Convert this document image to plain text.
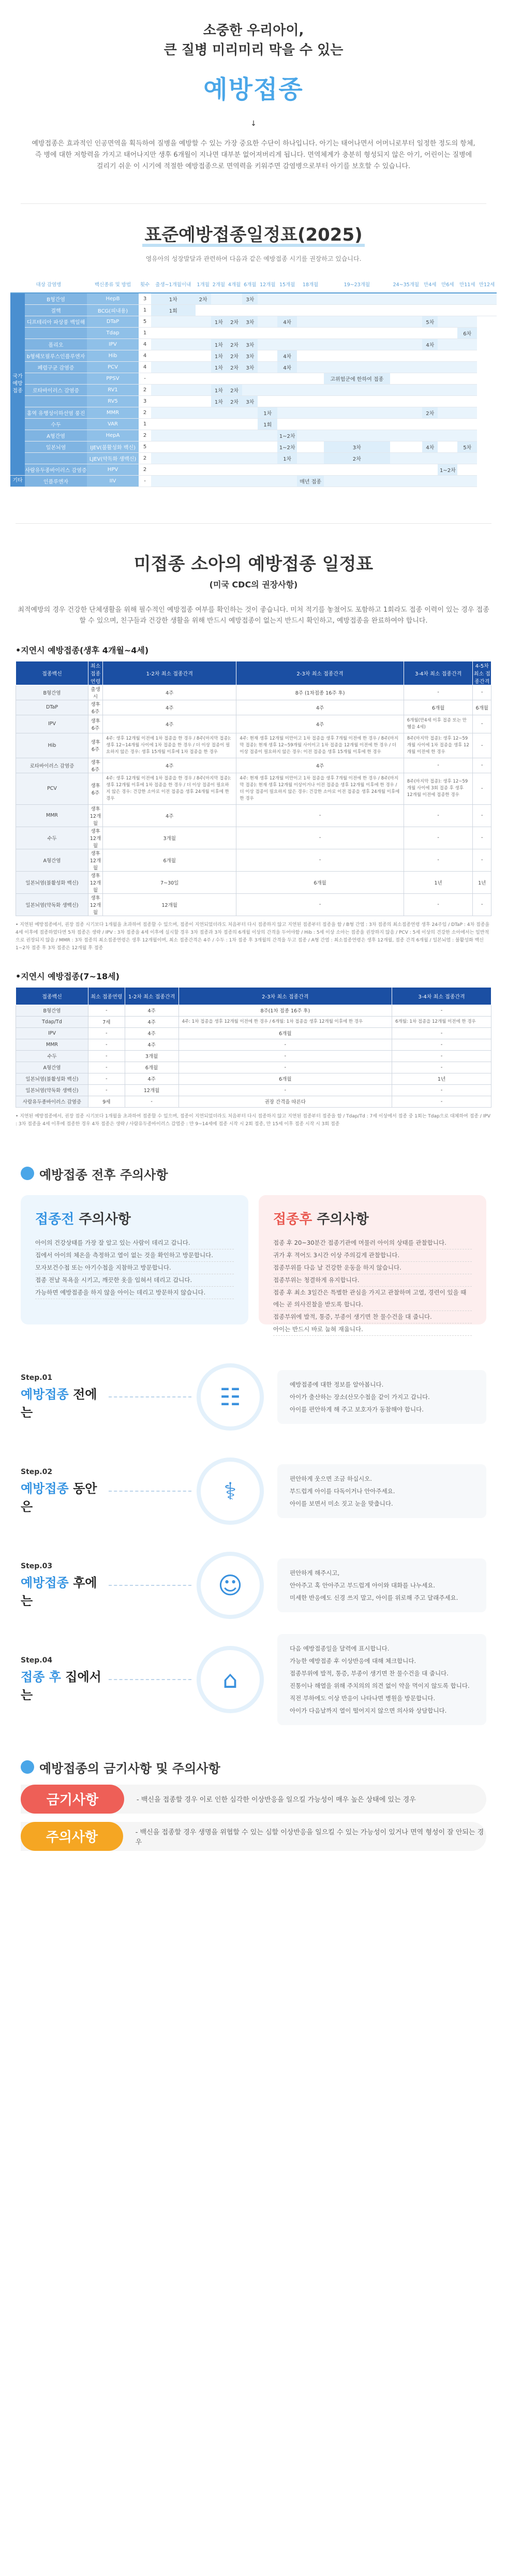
소중한 우리아이,
큰 질병 미리미리 막을 수 있는
예방접종
↓
예방접종은 효과적인 인공면역을 획득하여 질병을 예방할 수 있는 가장 중요한 수단이 하나입니다. 아기는 태어나면서 어머니로부터 일정한 정도의 항체, 즉 병에 대한 저항력을 가지고 태어나지만 생후 6개월이 지나면 대부분 없어져버리게 됩니다. 면역체계가 충분히 형성되지 않은 아기, 어린이는 질병에 걸리기 쉬운 이 시기에 적절한 예방접종으로 면역력을 키워주면 감염병으로부터 아기를 보호할 수 있습니다.
표준예방접종일정표(2025)
영유아의 성장발달과 관련하여 다음과 같은 예방접종 시기를 권장하고 있습니다.
대상 감염병		백신종류 및 방법	횟수	출생~1개월이내	1개월	2개월	4개월	6개월	12개월	15개월	18개월	19~23개월	24~35개월	만4세	만6세	만11세	만12세
국가예방접종	B형간염	HepB	3	1차	2차			3차									
	결핵	BCG(피내용)	1	1회													
	디프테리아 파상풍 백일해	DTaP	5			1차	2차	3차		4차				5차			
		Tdap	1													6차	
	폴리오	IPV	4			1차	2차	3차						4차			
	b형헤모필루스인플루엔자	Hib	4			1차	2차	3차		4차							
	폐렴구균 감염증	PCV	4			1차	2차	3차		4차							
		PPSV	-									고위험군에 한하여 접종					
	로타바이러스 감염증	RV1	2			1차	2차										
		RV5	3			1차	2차	3차									
	홍역 유행성이하선염 풍진	MMR	2						1차					2차			
	수두	VAR	1						1회								
	A형간염	HepA	2							1~2차							
	일본뇌염	IJEV(불활성화 백신)	5							1~2차		3차		4차		5차	
		LJEV(약독화 생백신)	2							1차		2차					
	사람유두종바이러스 감염증	HPV	2												1~2차		
기타	인플루엔자	IIV	-								매년 접종						
미접종 소아의 예방접종 일정표
(미국 CDC의 권장사항)
최적예방의 경우 건강한 단체생활을 위해 필수적인 예방접종 여부를 확인하는 것이 좋습니다. 미처 적기를 놓쳤어도 포함하고 1회라도 접종 이력이 있는 경우 접종할 수 있으며, 친구들과 건강한 생활을 위해 반드시 예방접종이 없는지 반드시 확인하고, 예방접종을 완료하여야 합니다.
• 지연시 예방접종(생후 4개월~4세)
접종백신	최소 접종연령	1-2차 최소 접종간격	2-3차 최소 접종간격	3-4차 최소 접종간격	4-5차 최소 접종간격
B형간염	출생시	4주	8주 (1차접종 16주 후)	-	-
DTaP	생후 6주	4주	4주	6개월	6개월
IPV	생후 6주	4주	4주	6개월(만4세 이후 접종 또는 만혬을 4세)	-
Hib	생후 6주	4주: 생후 12개월 이전에 1차 접종을 한 경우 / 8주(마지막 접종): 생후 12~14개월 사이에 1차 접종을 한 경우 / 더 이상 접종이 필요하지 않은 경우: 생후 15개월 이후에 1차 접종을 한 경우	4주: 현재 생후 12개월 미만이고 1차 접종을 생후 7개월 이전에 한 경우 / 8주(마지막 접종): 현재 생후 12~59개월 사이이고 1차 접종을 12개월 이전에 한 경우 / 더 이상 접종이 필요하지 않은 경우: 이전 접종을 생후 15개월 이후에 한 경우	8주(마지막 접종): 생후 12~59개월 사이에 1차 접종을 생후 12개월 이전에 한 경우	-
로타바이러스 감염증	생후 6주	4주	4주	-	-
PCV	생후 6주	4주: 생후 12개월 이전에 1차 접종을 한 경우 / 8주(마지막 접종): 생후 12개월 이후에 1차 접종을 한 경우 / 더 이상 접종이 필요하지 않은 경우: 건강한 소아로 이전 접종을 생후 24개월 이후에 한 경우	4주: 현재 생후 12개월 미만이고 1차 접종을 생후 7개월 이전에 한 경우 / 8주(마지막 접종): 현재 생후 12개월 이상이거나 이전 접종을 생후 12개월 이후에 한 경우 / 더 이상 접종이 필요하지 않은 경우: 건강한 소아로 이전 접종을 생후 24개월 이후에 한 경우	8주(마지막 접종): 생후 12~59개월 사이에 3회 접종 후 생후 12개월 이전에 접종한 경우	-
MMR	생후 12개월	4주	-	-	-
수두	생후 12개월	3개월	-	-	-
A형간염	생후 12개월	6개월	-	-	-
일본뇌염(불활성화 백신)	생후 12개월	7~30일	6개월	1년	1년
일본뇌염(약독화 생백신)	생후 12개월	12개월	-	-	-
• 지연된 예방접종에서, 권장 접종 시기보다 1개월을 초과하여 접종할 수 있으며, 접종이 지연되었더라도 처음부터 다시 접종하지 않고 지연된 접종부터 접종을 함 / B형 간염 : 3차 접종의 최소접종연령 생후 24주임 / DTaP : 4차 접종을 4세 이후에 접종하였다면 5차 접종은 생략 / IPV : 3차 접종을 4세 이후에 실시할 경우 3차 접종과 3차 접종의 6개월 이상의 간격을 두어야함 / Hib : 5세 이상 소아는 접종을 권장하지 않음 / PCV : 5세 이상의 건강한 소아에서는 일반적으로 권장되지 않음 / MMR : 3차 접종의 최소접종연령은 생후 12개월이며, 최소 접종간격은 4주 / 수두 : 1차 접종 후 3개월의 간격을 두고 접종 / A형 간염 : 최소접종연령은 생후 12개월, 접종 간격 6개월 / 일본뇌염 : 불활성화 백신 1~2차 접종 후 3차 접종은 12개월 후 접종
• 지연시 예방접종(7~18세)
접종백신	최소 접종연령	1-2차 최소 접종간격	2-3차 최소 접종간격	3-4차 최소 접종간격
B형간염	-	4주	8주(1차 접종 16주 후)	-
Tdap/Td	7세	4주	4주: 1차 접종을 생후 12개월 이전에 한 경우 / 6개월: 1차 접종을 생후 12개월 이후에 한 경우	6개월: 1차 접종을 12개월 이전에 한 경우
IPV	-	4주	6개월	-
MMR	-	4주	-	-
수두	-	3개월	-	-
A형간염	-	6개월	-	-
일본뇌염(불활성화 백신)	-	4주	6개월	1년
일본뇌염(약독화 생백신)	-	12개월	-	-
사람유두종바이러스 감염증	9세	-	권장 간격을 따른다	-
• 지연된 예방접종에서, 권장 접종 시기보다 1개월을 초과하여 접종할 수 있으며, 접종이 지연되었더라도 처음부터 다시 접종하지 않고 지연된 접종부터 접종을 함 / Tdap/Td : 7세 이상에서 접종 중 1회는 Tdap으로 대체하여 접종 / IPV : 3차 접종을 4세 이후에 접종한 경우 4차 접종은 생략 / 사람유두종바이러스 감염증 : 만 9~14세에 접종 시작 시 2회 접종, 만 15세 이후 접종 시작 시 3회 접종
예방접종 전후 주의사항
접종전 주의사항
아이의 건강상태를 가장 잘 알고 있는 사람이 데리고 갑니다.
집에서 아이의 체온을 측정하고 열이 없는 것을 확인하고 방문합니다.
모자보건수첩 또는 아기수첩을 지참하고 방문합니다.
접종 전날 목욕을 시키고, 깨끗한 옷을 입혀서 데리고 갑니다.
가능하면 예방접종을 하지 않을 아이는 데리고 방문하지 않습니다.
접종후 주의사항
접종 후 20~30분간 접종기관에 머물러 아이의 상태를 관찰합니다.
귀가 후 적어도 3시간 이상 주의깊게 관찰합니다.
접종부위를 다음 날 건강한 운동을 하지 않습니다.
접종부위는 청결하게 유지합니다.
접종 후 최소 3일간은 특별한 관심을 가지고 관찰하며 고열, 경련이 있을 때에는 곧 의사진찰을 받도록 합니다.
접종부위에 발적, 통증, 부종이 생기면 찬 물수건을 대 줍니다.
아이는 반드시 바로 눕혀 재웁니다.
Step.01
예방접종 전에는
☷	예방접종에 대한 정보를 알아봅니다.
아이가 출산하는 장소(산모수첩을 같이 가지고 갑니다.
아이를 편안하게 해 주고 보호자가 동참해야 합니다.
Step.02
예방접종 동안은
⚕	편안하게 웃으면 조금 하십시오.
부드럽게 아이를 다독이거나 안아주세요.
아이를 보면서 미소 짓고 눈을 맞춥니다.
Step.03
예방접종 후에는
☺	편안하게 해주시고,
안아주고 혹 안아주고 부드럽게 아이와 대화를 나누세요.
미세한 반응에도 신경 쓰지 말고, 아이를 위로해 주고 달래주세요.
Step.04
접종 후 집에서는
⌂
다음 예방접종일을 달력에 표시합니다.
가능한 예방접종 후 이상반응에 대해 체크합니다.
접종부위에 발적, 통증, 부종이 생기면 찬 물수건을 대 줍니다.
진통이나 해열을 위해 주치의의 의견 없이 약을 먹이지 않도록 합니다.
직전 부하에도 이상 반응이 나타나면 병원을 방문합니다.
아이가 다음날까지 열이 떨어지지 않으면 의사와 상담합니다.
예방접종의 금기사항 및 주의사항
금기사항	- 백신을 접종할 경우 이로 인한 심각한 이상반응을 일으킬 가능성이 매우 높은 상태에 있는 경우
주의사항	- 백신을 접종할 경우 생명을 위협할 수 있는 심할 이상반응을 일으킬 수 있는 가능성이 있거나 면역 형성이 잘 안되는 경우
